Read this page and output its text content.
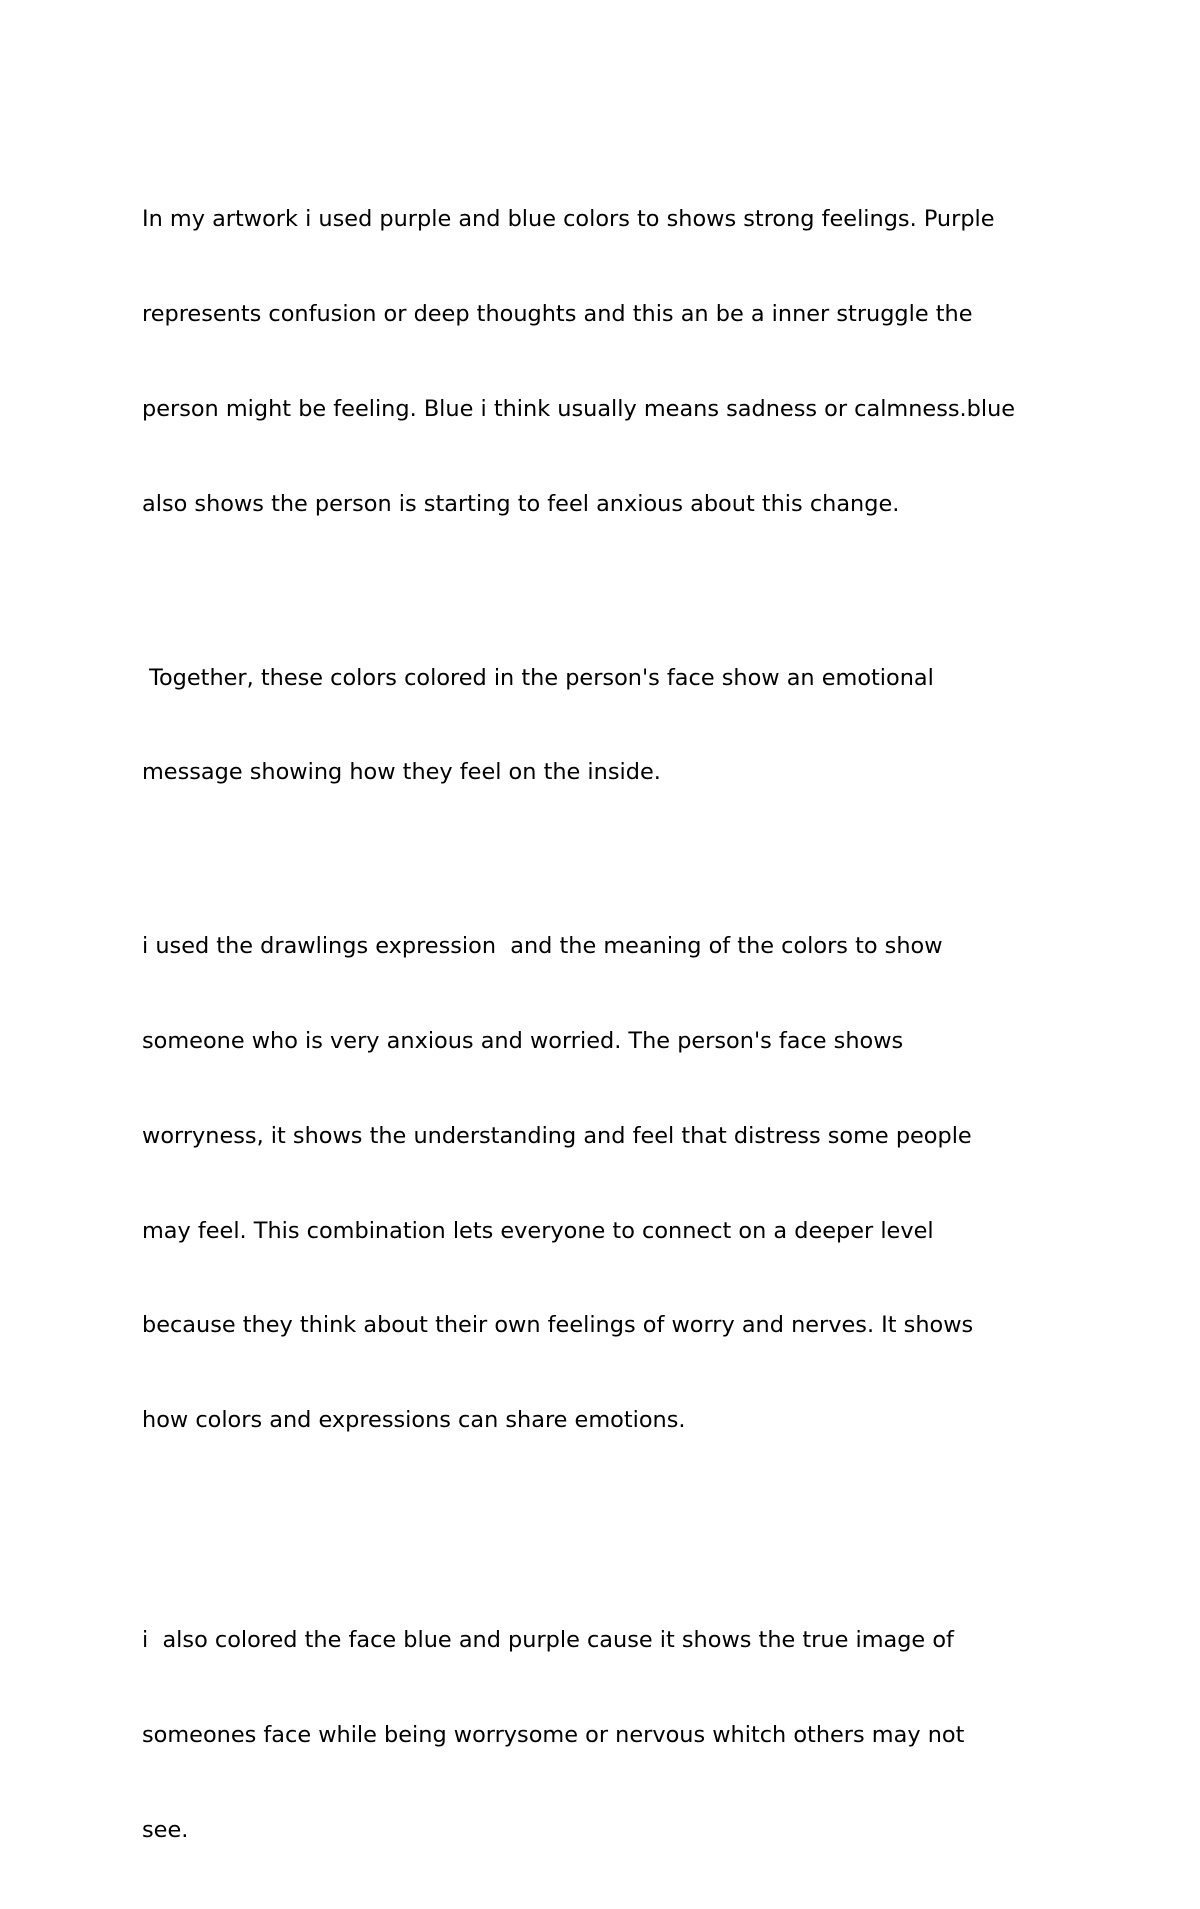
In my artwork i used purple and blue colors to shows strong feelings. Purple

represents confusion or deep thoughts and this an be a inner struggle the

person might be feeling. Blue i think usually means sadness or calmness.blue

also shows the person is starting to feel anxious about this change.

Together, these colors colored in the person's face show an emotional

message showing how they feel on the inside.

i used the drawlings expression  and the meaning of the colors to show

someone who is very anxious and worried. The person's face shows

worryness, it shows the understanding and feel that distress some people

may feel. This combination lets everyone to connect on a deeper level

because they think about their own feelings of worry and nerves. It shows

how colors and expressions can share emotions.

i  also colored the face blue and purple cause it shows the true image of

someones face while being worrysome or nervous whitch others may not

see.
